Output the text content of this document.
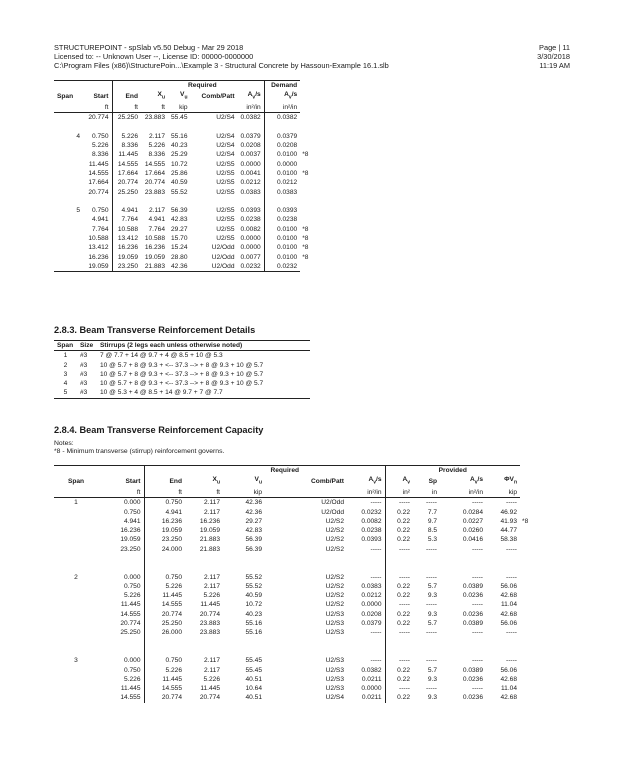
STRUCTUREPOINT - spSlab v5.50 Debug - Mar 29 2018
Licensed to: -- Unknown User --, License ID: 00000-0000000
C:\Program Files (x86)\StructurePoin...\Example 3 - Structural Concrete by Hassoun-Example 16.1.slb
Page | 11
3/30/2018
11:19 AM
			Required				Demand	
Span	Start	End	$X_u$	$V_u$	Comb/Patt	$A_v/s$	$A_v/s$	
	ft	ft	ft	kip		in²/in	in²/in	
	20.774	25.250	23.883	55.45	U2/S4	0.0382	0.0382	

4	0.750	5.226	2.117	55.16	U2/S4	0.0379	0.0379	
	5.226	8.336	5.226	40.23	U2/S4	0.0208	0.0208	
	8.336	11.445	8.336	25.29	U2/S4	0.0037	0.0100	*8
	11.445	14.555	14.555	10.72	U2/S5	0.0000	0.0000	
	14.555	17.664	17.664	25.86	U2/S5	0.0041	0.0100	*8
	17.664	20.774	20.774	40.59	U2/S5	0.0212	0.0212	
	20.774	25.250	23.883	55.52	U2/S5	0.0383	0.0383	

5	0.750	4.941	2.117	56.39	U2/S5	0.0393	0.0393	
	4.941	7.764	4.941	42.83	U2/S5	0.0238	0.0238	
	7.764	10.588	7.764	29.27	U2/S5	0.0082	0.0100	*8
	10.588	13.412	10.588	15.70	U2/S5	0.0000	0.0100	*8
	13.412	16.236	16.236	15.24	U2/Odd	0.0000	0.0100	*8
	16.236	19.059	19.059	28.80	U2/Odd	0.0077	0.0100	*8
	19.059	23.250	21.883	42.36	U2/Odd	0.0232	0.0232	
2.8.3. Beam Transverse Reinforcement Details
Span	Size	Stirrups (2 legs each unless otherwise noted)
1	#3	7 @ 7.7 + 14 @ 9.7 + 4 @ 8.5 + 10 @ 5.3
2	#3	10 @ 5.7 + 8 @ 9.3 + <-- 37.3 --> + 8 @ 9.3 + 10 @ 5.7
3	#3	10 @ 5.7 + 8 @ 9.3 + <-- 37.3 --> + 8 @ 9.3 + 10 @ 5.7
4	#3	10 @ 5.7 + 8 @ 9.3 + <-- 37.3 --> + 8 @ 9.3 + 10 @ 5.7
5	#3	10 @ 5.3 + 4 @ 8.5 + 14 @ 9.7 + 7 @ 7.7
2.8.4. Beam Transverse Reinforcement Capacity
Notes:
*8 - Minimum transverse (stirrup) reinforcement governs.
			Required				Provided				
Span	Start	End	$X_u$	$V_u$	Comb/Patt	$A_v/s$	$A_v$	Sp	$A_v/s$	$\Phi V_n$	
	ft	ft	ft	kip		in²/in	in²	in	in²/in	kip	
1	0.000	0.750	2.117	42.36	U2/Odd	-----	-----	-----	-----	-----	
	0.750	4.941	2.117	42.36	U2/Odd	0.0232	0.22	7.7	0.0284	46.92	
	4.941	16.236	16.236	29.27	U2/S2	0.0082	0.22	9.7	0.0227	41.93	*8
	16.236	19.059	19.059	42.83	U2/S2	0.0238	0.22	8.5	0.0260	44.77	
	19.059	23.250	21.883	56.39	U2/S2	0.0393	0.22	5.3	0.0416	58.38	
	23.250	24.000	21.883	56.39	U2/S2	-----	-----	-----	-----	-----	

2	0.000	0.750	2.117	55.52	U2/S2	-----	-----	-----	-----	-----	
	0.750	5.226	2.117	55.52	U2/S2	0.0383	0.22	5.7	0.0389	56.06	
	5.226	11.445	5.226	40.59	U2/S2	0.0212	0.22	9.3	0.0236	42.68	
	11.445	14.555	11.445	10.72	U2/S2	0.0000	-----	-----	-----	11.04	
	14.555	20.774	20.774	40.23	U2/S3	0.0208	0.22	9.3	0.0236	42.68	
	20.774	25.250	23.883	55.16	U2/S3	0.0379	0.22	5.7	0.0389	56.06	
	25.250	26.000	23.883	55.16	U2/S3	-----	-----	-----	-----	-----	

3	0.000	0.750	2.117	55.45	U2/S3	-----	-----	-----	-----	-----	
	0.750	5.226	2.117	55.45	U2/S3	0.0382	0.22	5.7	0.0389	56.06	
	5.226	11.445	5.226	40.51	U2/S3	0.0211	0.22	9.3	0.0236	42.68	
	11.445	14.555	11.445	10.64	U2/S3	0.0000	-----	-----	-----	11.04	
	14.555	20.774	20.774	40.51	U2/S4	0.0211	0.22	9.3	0.0236	42.68	
